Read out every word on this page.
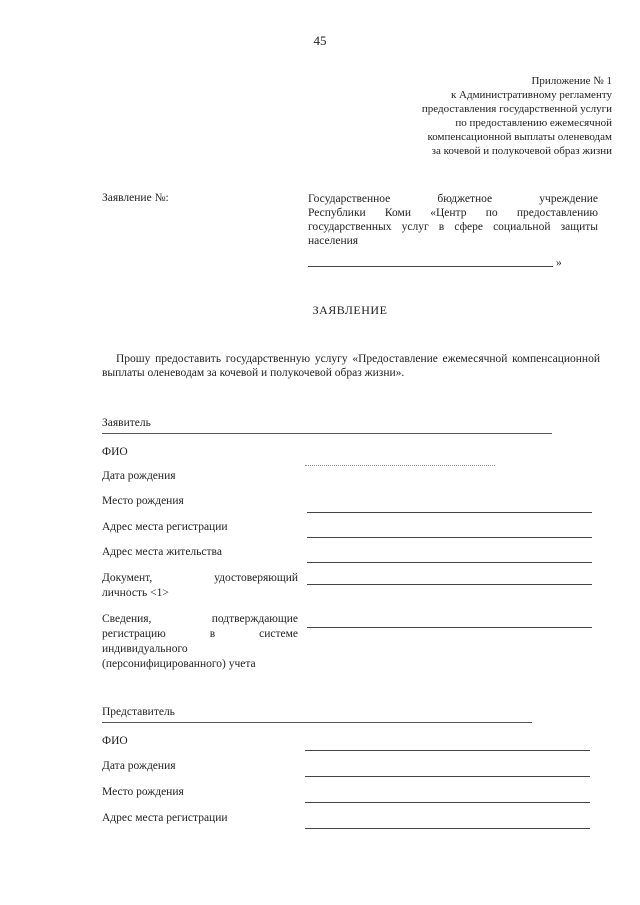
45
Приложение № 1
к Административному регламенту
предоставления государственной услуги
по предоставлению ежемесячной
компенсационной выплаты оленеводам
за кочевой и полукочевой образ жизни
Заявление №:	Государственное бюджетное учреждение
Республики Коми «Центр по предоставлению
государственных услуг в сфере социальной защиты
населения
»
ЗАЯВЛЕНИЕ
Прошу предоставить государственную услугу «Предоставление ежемесячной компенсационной выплаты оленеводам за кочевой и полукочевой образ жизни».
Заявитель
ФИО
Дата рождения
Место рождения
Адрес места регистрации
Адрес места жительства
Документ, удостоверяющий
личность <1>
Сведения, подтверждающие
регистрацию в системе
индивидуального
(персонифицированного) учета
Представитель
ФИО
Дата рождения
Место рождения
Адрес места регистрации
